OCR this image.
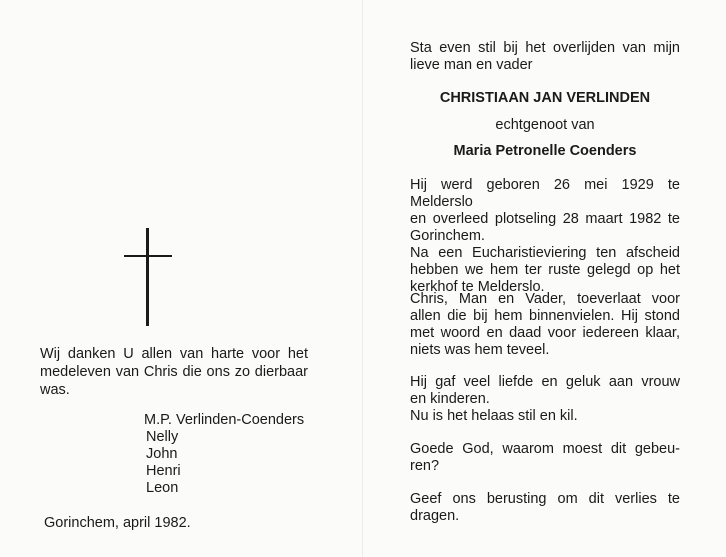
Wij danken U allen van harte voor het medeleven van Chris die ons zo dierbaar was.
M.P. Verlinden-Coenders
Nelly
John
Henri
Leon
Gorinchem, april 1982.
Sta even stil bij het overlijden van mijn
lieve man en vader
CHRISTIAAN JAN VERLINDEN
echtgenoot van
Maria Petronelle Coenders
Hij werd geboren 26 mei 1929 te Melderslo
en overleed plotseling 28 maart 1982 te
Gorinchem.
Na een Eucharistieviering ten afscheid
hebben we hem ter ruste gelegd op het
kerkhof te Melderslo.
Chris, Man en Vader, toeverlaat voor
allen die bij hem binnenvielen. Hij stond
met woord en daad voor iedereen klaar,
niets was hem teveel.
Hij gaf veel liefde en geluk aan vrouw
en kinderen.
Nu is het helaas stil en kil.
Goede God, waarom moest dit gebeu-
ren?
Geef ons berusting om dit verlies te
dragen.
